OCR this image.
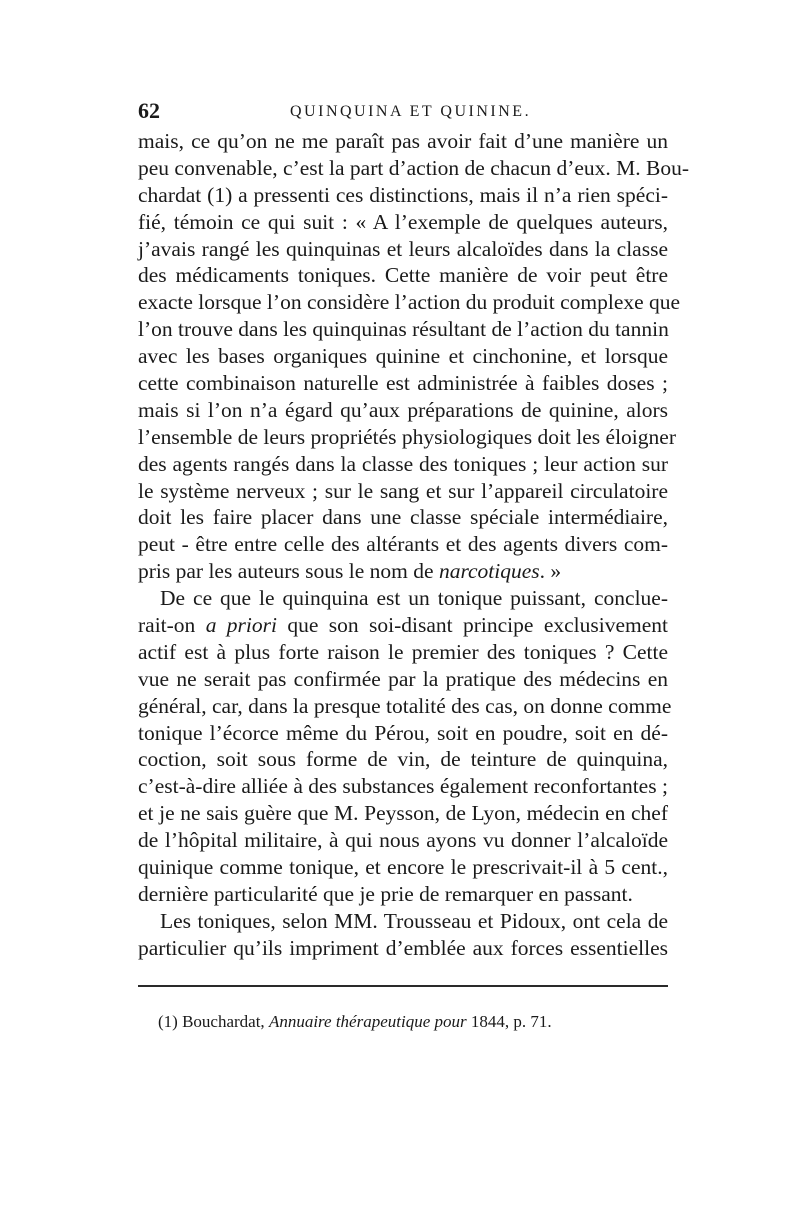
62	QUINQUINA ET QUININE.
mais, ce qu’on ne me paraît pas avoir fait d’une manière un
peu convenable, c’est la part d’action de chacun d’eux. M. Bou-
chardat (1) a pressenti ces distinctions, mais il n’a rien spéci-
fié, témoin ce qui suit : « A l’exemple de quelques auteurs,
j’avais rangé les quinquinas et leurs alcaloïdes dans la classe
des médicaments toniques. Cette manière de voir peut être
exacte lorsque l’on considère l’action du produit complexe que
l’on trouve dans les quinquinas résultant de l’action du tannin
avec les bases organiques quinine et cinchonine, et lorsque
cette combinaison naturelle est administrée à faibles doses ;
mais si l’on n’a égard qu’aux préparations de quinine, alors
l’ensemble de leurs propriétés physiologiques doit les éloigner
des agents rangés dans la classe des toniques ; leur action sur
le système nerveux ; sur le sang et sur l’appareil circulatoire
doit les faire placer dans une classe spéciale intermédiaire,
peut - être entre celle des altérants et des agents divers com-
pris par les auteurs sous le nom de narcotiques. »
De ce que le quinquina est un tonique puissant, conclue-
rait-on a priori que son soi-disant principe exclusivement
actif est à plus forte raison le premier des toniques ? Cette
vue ne serait pas confirmée par la pratique des médecins en
général, car, dans la presque totalité des cas, on donne comme
tonique l’écorce même du Pérou, soit en poudre, soit en dé-
coction, soit sous forme de vin, de teinture de quinquina,
c’est-à-dire alliée à des substances également reconfortantes ;
et je ne sais guère que M. Peysson, de Lyon, médecin en chef
de l’hôpital militaire, à qui nous ayons vu donner l’alcaloïde
quinique comme tonique, et encore le prescrivait-il à 5 cent.,
dernière particularité que je prie de remarquer en passant.
Les toniques, selon MM. Trousseau et Pidoux, ont cela de
particulier qu’ils impriment d’emblée aux forces essentielles
(1) Bouchardat, Annuaire thérapeutique pour 1844, p. 71.
